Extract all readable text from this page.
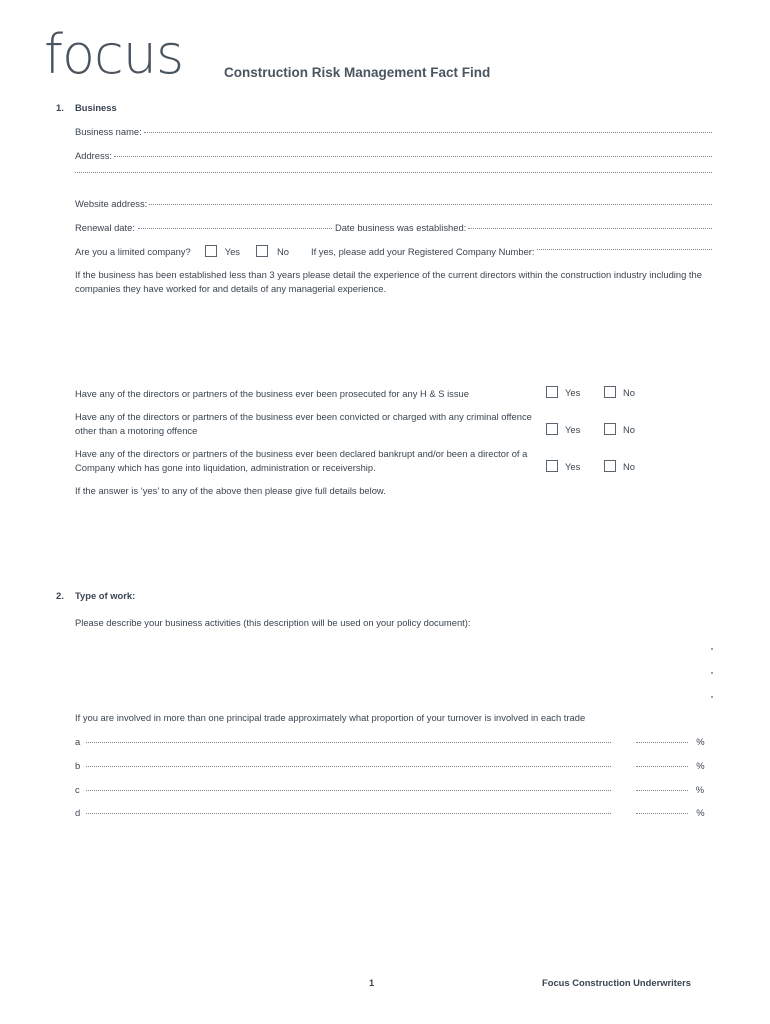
focus	Construction Risk Management Fact Find
1. Business
Business name:
Address:
Website address:
Renewal date:	Date business was established:
Are you a limited company?	Yes	No If yes, please add your Registered Company Number:
If the business has been established less than 3 years please detail the experience of the current directors within the construction industry including the companies they have worked for and details of any managerial experience.
Have any of the directors or partners of the business ever been prosecuted for any H & S issue	Yes	No
Have any of the directors or partners of the business ever been convicted or charged with any criminal offence other than a motoring offence	Yes	No
Have any of the directors or partners of the business ever been declared bankrupt and/or been a director of a Company which has gone into liquidation, administration or receivership.	Yes	No
If the answer is ‘yes’ to any of the above then please give full details below.
2. Type of work:
Please describe your business activities (this description will be used on your policy document):
If you are involved in more than one principal trade approximately what proportion of your turnover is involved in each trade
a	%
b	%
c	%
d	%
1	Focus Construction Underwriters
